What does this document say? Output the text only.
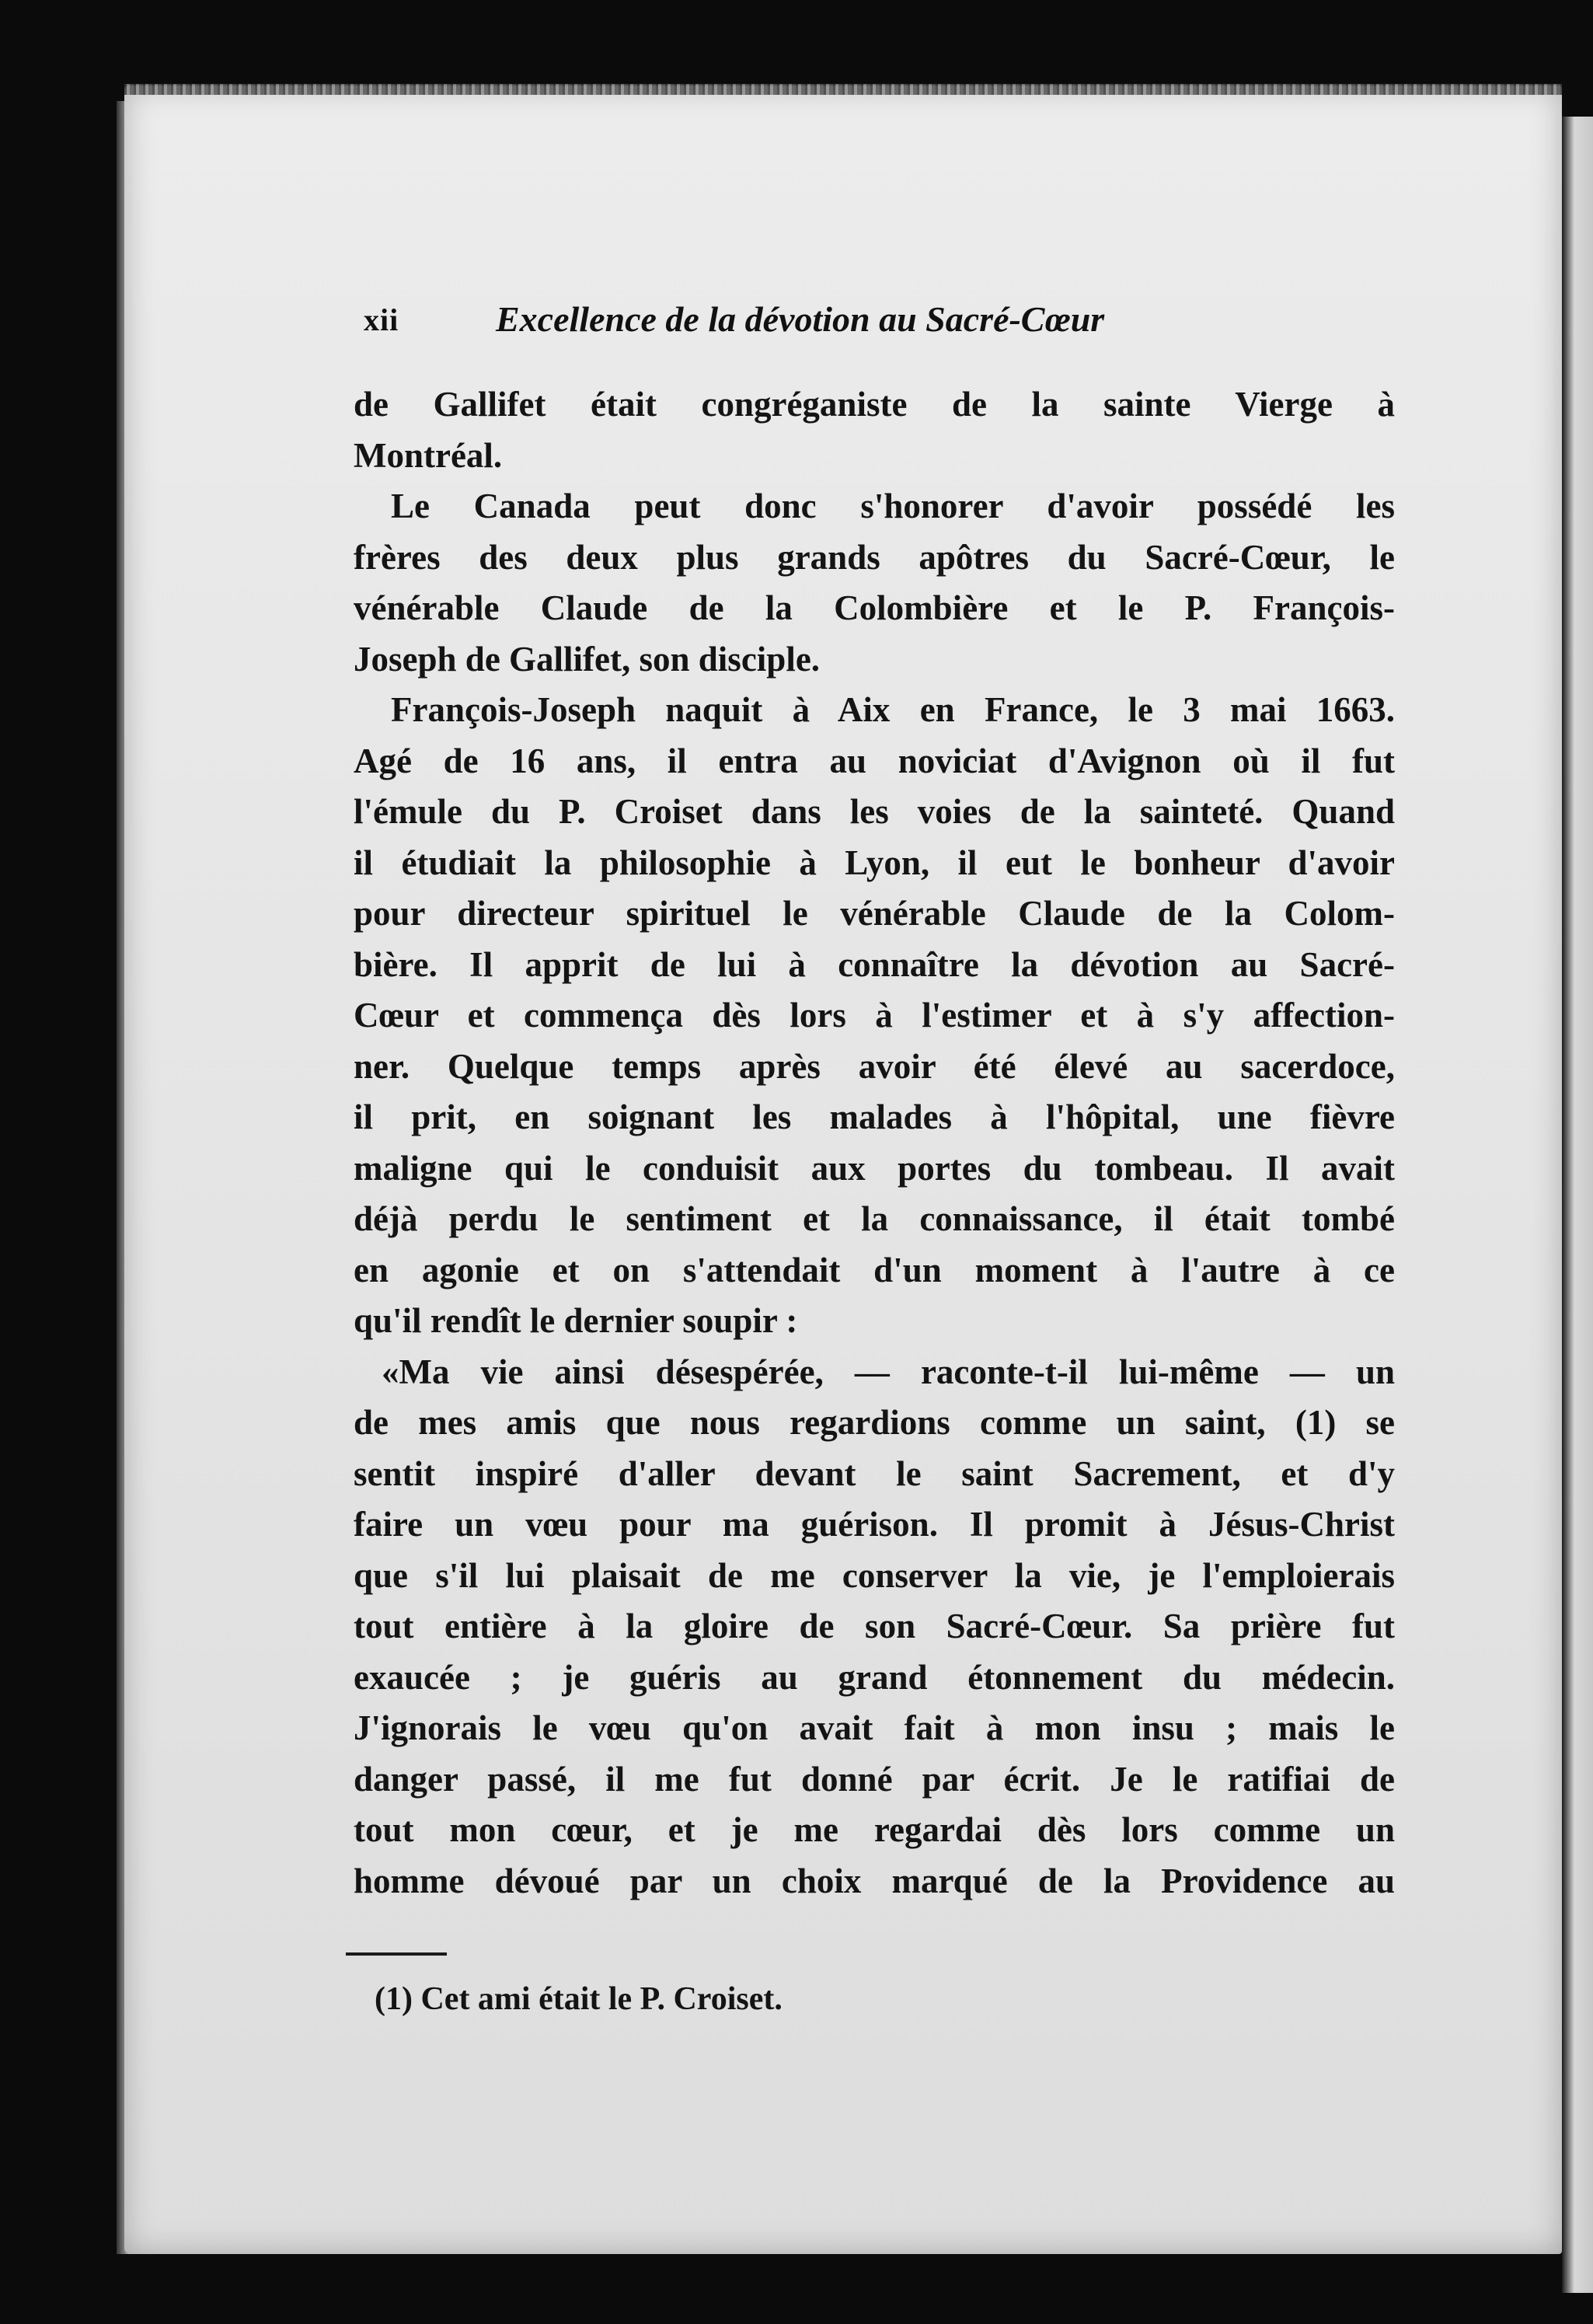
xii	Excellence de la dévotion au Sacré-Cœur
de Gallifet était congréganiste de la sainte Vierge à
Montréal.
Le Canada peut donc s'honorer d'avoir possédé les
frères des deux plus grands apôtres du Sacré-Cœur, le
vénérable Claude de la Colombière et le P. François-
Joseph de Gallifet, son disciple.
François-Joseph naquit à Aix en France, le 3 mai 1663.
Agé de 16 ans, il entra au noviciat d'Avignon où il fut
l'émule du P. Croiset dans les voies de la sainteté. Quand
il étudiait la philosophie à Lyon, il eut le bonheur d'avoir
pour directeur spirituel le vénérable Claude de la Colom-
bière. Il apprit de lui à connaître la dévotion au Sacré-
Cœur et commença dès lors à l'estimer et à s'y affection-
ner. Quelque temps après avoir été élevé au sacerdoce,
il prit, en soignant les malades à l'hôpital, une fièvre
maligne qui le conduisit aux portes du tombeau. Il avait
déjà perdu le sentiment et la connaissance, il était tombé
en agonie et on s'attendait d'un moment à l'autre à ce
qu'il rendît le dernier soupir :
«Ma vie ainsi désespérée, — raconte-t-il lui-même — un
de mes amis que nous regardions comme un saint, (1) se
sentit inspiré d'aller devant le saint Sacrement, et d'y
faire un vœu pour ma guérison. Il promit à Jésus-Christ
que s'il lui plaisait de me conserver la vie, je l'emploierais
tout entière à la gloire de son Sacré-Cœur. Sa prière fut
exaucée ; je guéris au grand étonnement du médecin.
J'ignorais le vœu qu'on avait fait à mon insu ; mais le
danger passé, il me fut donné par écrit. Je le ratifiai de
tout mon cœur, et je me regardai dès lors comme un
homme dévoué par un choix marqué de la Providence au
(1) Cet ami était le P. Croiset.
